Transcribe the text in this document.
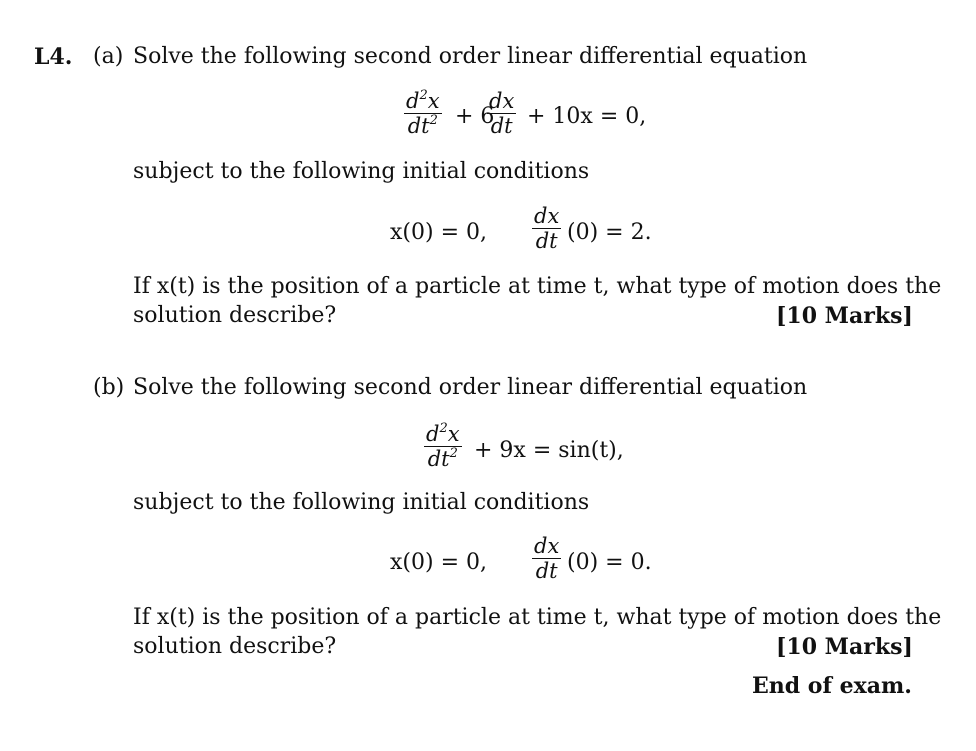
L4. (a) Solve the following second order linear differential equation
$\frac{d^2x}{dt^2} + 6$
$\frac{dx}{dt} + 10x = 0$,
subject to the following initial conditions
x(0) = 0, $\frac{dx}{dt} (0) = 2$.
If x(t) is the position of a particle at time t, what type of motion does the
solution describe?	[10 Marks]
(b) Solve the following second order linear differential equation
$\frac{d^2x}{dt^2} + 9x = \sin(t)$,
subject to the following initial conditions
x(0) = 0, $\frac{dx}{dt} (0) = 0$.
If x(t) is the position of a particle at time t, what type of motion does the
solution describe?	[10 Marks]
End of exam.
